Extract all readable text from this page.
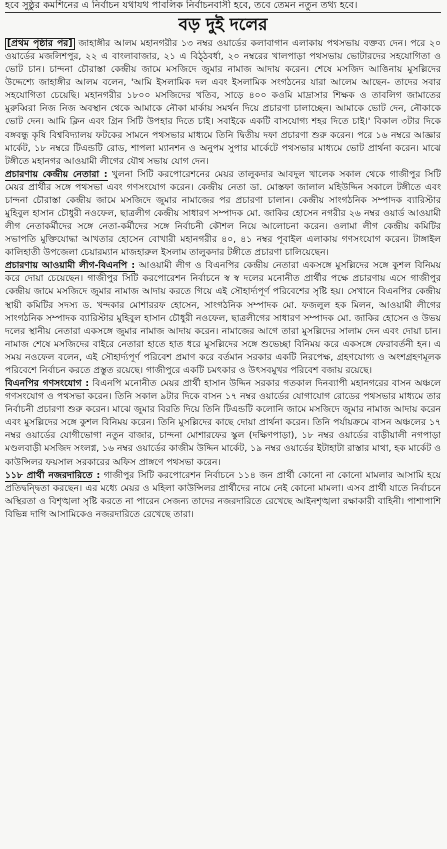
হবে সুষ্ঠুর কমশিনের এ নির্বাচন যথাযথ পাবলিক নির্বাচনবাসী হবে, তবে তেমন নতুন তথ্য হবে।
বড় দুই দলের

[প্রথম পৃষ্ঠার পর] জাহাঙ্গীর আলম মহানগরীর ১৩ নম্বর ওয়ার্ডের কলাবাগান এলাকায় পথসভায় বক্তব্য দেন। পরে ২০ ওয়ার্ডের মজলিশপুর, ২২ এ বাংলাবাজার, ২১ এ বিঠ্ঠবর্ধা, ২০ নম্বরের খালপাড়া পথসভায় ভোটারদের সহযোগিতা ও ভোট চান। চান্দনা চৌরাস্তা কেন্দ্রীয় জামে মসজিদে জুমার নামাজ আদায় করেন। শেষে মসজিদ আঙিনায় মুসল্লিদের উদ্দেশ্যে জাহাঙ্গীর আলম বলেন, 'আমি ইসলামিক দল এবং ইসলামিক সংগঠনের যারা আলেম আছেন- তাদের সবার সহযোগিতা চেয়েছি। মহানগরীর ১৮০০ মসজিদের খতিব, সাড়ে ৪০০ কওমি মাদ্রাসার শিক্ষক ও তাবলিগ জামাতের মুরুব্বিরা নিজ নিজ অবস্থান থেকে আমাকে নৌকা মার্কায় সমর্থন দিয়ে প্রচারণা চালাচ্ছেন। আমাকে ভোট দেন, নৌকাকে ভোট দেন। আমি ক্লিন এবং গ্রিন সিটি উপহার দিতে চাই। সবাইকে একটি বাসযোগ্য শহর দিতে চাই।' বিকাল ৩টার দিকে বঙ্গবন্ধু কৃষি বিশ্ববিদ্যালয় ফটকের সামনে পথসভার মাধ্যমে তিনি দ্বিতীয় দফা প্রচারণা শুরু করেন। পরে ১৬ নম্বরে আজ্ঞার মার্কেট, ১৮ নম্বরে টিএন্ডটি রোড, শাপলা ম্যানশন ও অনুপম সুপার মার্কেটে পথসভার মাধ্যমে ভোট প্রার্থনা করেন। মাঝে টঙ্গীতে মহানগর আওয়ামী লীগের যৌথ সভায় যোগ দেন।

প্রচারণায় কেন্দ্রীয় নেতারা : খুলনা সিটি করপোরেশনের মেয়র তালুকদার আবদুল খালেক সকাল থেকে গাজীপুর সিটি মেয়র প্রার্থীর সঙ্গে পথসভা এবং গণসংযোগ করেন। কেন্দ্রীয় নেতা ডা. মোস্তফা জালাল মহিউদ্দিন সকালে টঙ্গীতে এবং চান্দনা চৌরাস্তা কেন্দ্রীয় জামে মসজিদে জুমার নামাজের পর প্রচারণা চালান। কেন্দ্রীয় সাংগঠনিক সম্পাদক ব্যারিস্টার মুহিবুল হাসান চৌধুরী নওফেল, ছাত্রলীগ কেন্দ্রীয় সাধারণ সম্পাদক মো. জাকির হোসেন নগরীর ২৬ নম্বর ওয়ার্ড আওয়ামী লীগ নেতাকর্মীদের সঙ্গে নেতা-কর্মীদের সঙ্গে নির্বাচনী কৌশল নিয়ে আলোচনা করেন। ওলামা লীগ কেন্দ্রীয় কমিটির সভাপতি মুক্তিযোদ্ধা আখতার হোসেন বোখারী মহানগরীর ৪০, ৪১ নম্বর পূবাইল এলাকায় গণসংযোগ করেন। টাঙ্গাইল কালিহাতী উপজেলা চেয়ারম্যান মাজহারুল ইসলাম তালুকদার টঙ্গীতে প্রচারণা চালিয়েছেন।

প্রচারণায় আওয়ামী লীগ-বিএনপি : আওয়ামী লীগ ও বিএনপির কেন্দ্রীয় নেতারা একসঙ্গে মুসল্লিদের সঙ্গে কুশল বিনিময় করে দোয়া চেয়েছেন। গাজীপুর সিটি করপোরেশন নির্বাচনে স্ব স্ব দলের মনোনীত প্রার্থীর পক্ষে প্রচারণায় এসে গাজীপুর কেন্দ্রীয় জামে মসজিদে জুমার নামাজ আদায় করতে গিয়ে এই সৌহার্দ্যপূর্ণ পরিবেশের সৃষ্টি হয়। সেখানে বিএনপির কেন্দ্রীয় স্থায়ী কমিটির সদস্য ড. খন্দকার মোশাররফ হোসেন, সাংগঠনিক সম্পাদক মো. ফজলুল হক মিলন, আওয়ামী লীগের সাংগঠনিক সম্পাদক ব্যারিস্টার মুহিবুল হাসান চৌধুরী নওফেল, ছাত্রলীগের সাধারণ সম্পাদক মো. জাকির হোসেন ও উভয় দলের স্থানীয় নেতারা একসঙ্গে জুমার নামাজ আদায় করেন। নামাজের আগে তারা মুসল্লিদের সালাম দেন এবং দোয়া চান। নামাজ শেষে মসজিদের বাইরে নেতারা হাতে হাত ধরে মুসল্লিদের সঙ্গে শুভেচ্ছা বিনিময় করে একসঙ্গে ফেরাবর্তনী হন। এ সময় নওফেল বলেন, এই সৌহার্দ্যপূর্ণ পরিবেশ প্রমাণ করে বর্তমান সরকার একটি নিরপেক্ষ, গ্রহণযোগ্য ও অংশগ্রহণমূলক পরিবেশে নির্বাচন করতে প্রস্তুত রয়েছে। গাজীপুরে একটি চমৎকার ও উৎসবমুখর পরিবেশ বজায় রয়েছে।

বিএনপির গণসংযোগ : বিএনপি মনোনীত মেয়র প্রার্থী হাসান উদ্দিন সরকার গতকাল দিনব্যাপী মহানগরের বাসন অঞ্চলে গণসংযোগ ও পথসভা করেন। তিনি সকাল ৯টার দিকে বাসন ১৭ নম্বর ওয়ার্ডের যোগাযোগ রোডের পথসভার মাধ্যমে তার নির্বাচনী প্রচারণা শুরু করেন। মাঝে জুমার বিরতি দিয়ে তিনি টিএন্ডটি কলোনি জামে মসজিদে জুমার নামাজ আদায় করেন এবং মুসল্লিদের সঙ্গে কুশল বিনিময় করেন। তিনি মুসল্লিদের কাছে দোয়া প্রার্থনা করেন। তিনি পর্যায়ক্রমে বাসন অঞ্চলের ১৭ নম্বর ওয়ার্ডের যোগীভোগা নতুন বাজার, চান্দনা মোশারফের স্কুল (দক্ষিণপাড়া), ১৮ নম্বর ওয়ার্ডের বাড়ীয়ালী নগপাড়া মণ্ডলবাড়ী মসজিদ সংলগ্ন, ১৬ নম্বর ওয়ার্ডের কাজীম উদ্দিন মার্কেট, ১৯ নম্বর ওয়ার্ডের ইটাহাটা রাস্তার মাথা, হক মার্কেট ও কাউন্সিলর ফয়সাল সরকারের অফিস প্রাঙ্গণে পথসভা করেন।

১১৮ প্রার্থী নজরদারিতে : গাজীপুর সিটি করপোরেশন নির্বাচনে ১১৪ জন প্রার্থী কোনো না কোনো মামলার আসামি হয়ে প্রতিদ্বন্দ্বিতা করছেন। এর মধ্যে মেয়র ও মহিলা কাউন্সিলর প্রার্থীদের নামে নেই কোনো মামলা। এসব প্রার্থী যাতে নির্বাচনে অস্থিরতা ও বিশৃঙ্খলা সৃষ্টি করতে না পারেন সেজন্য তাদের নজরদারিতে রেখেছে আইনশৃঙ্খলা রক্ষাকারী বাহিনী। পাশাপাশি বিভিন্ন দাগি আসামিকেও নজরদারিতে রেখেছে তারা।
